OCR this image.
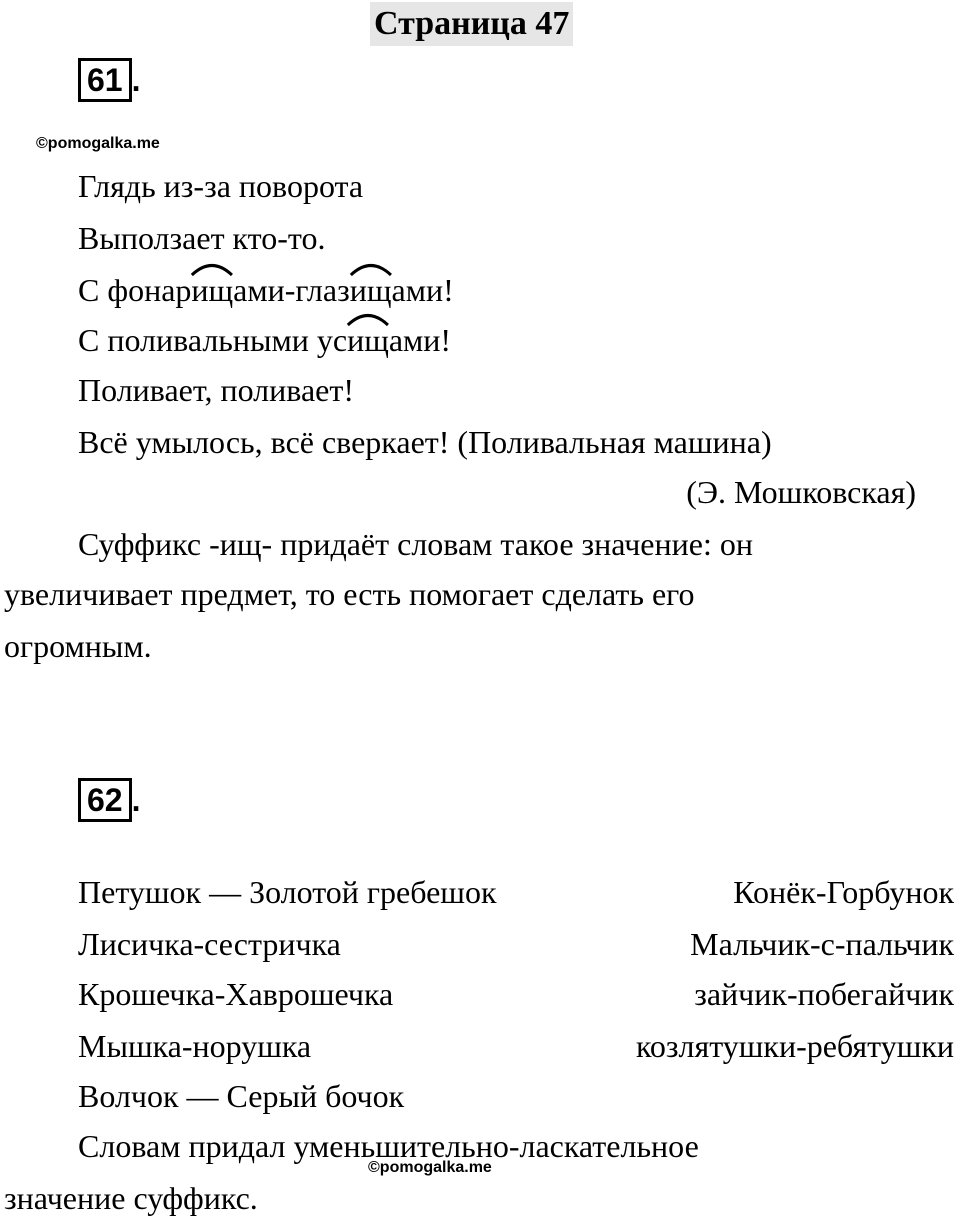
Страница 47
61 .
©pomogalka.me
Глядь из-за поворота
Выползает кто-то.
С фонар
ищами-глаз
ищами!
С поливальными ус
ищами!
Поливает, поливает!
Всё умылось, всё сверкает! (Поливальная машина)
(Э. Мошковская)
Суффикс -ищ- придаёт словам такое значение: он
увеличивает предмет, то есть помогает сделать его
огромным.
62 .
Петушок — Золотой гребешок
Лисичка-сестричка
Крошечка-Хаврошечка
Мышка-норушка
Волчок — Серый бочок
Конёк-Горбунок
Мальчик-с-пальчик
зайчик-побегайчик
козлятушки-ребятушки
Словам придал уменьшительно-ласкательное
©pomogalka.me
значение суффикс.
